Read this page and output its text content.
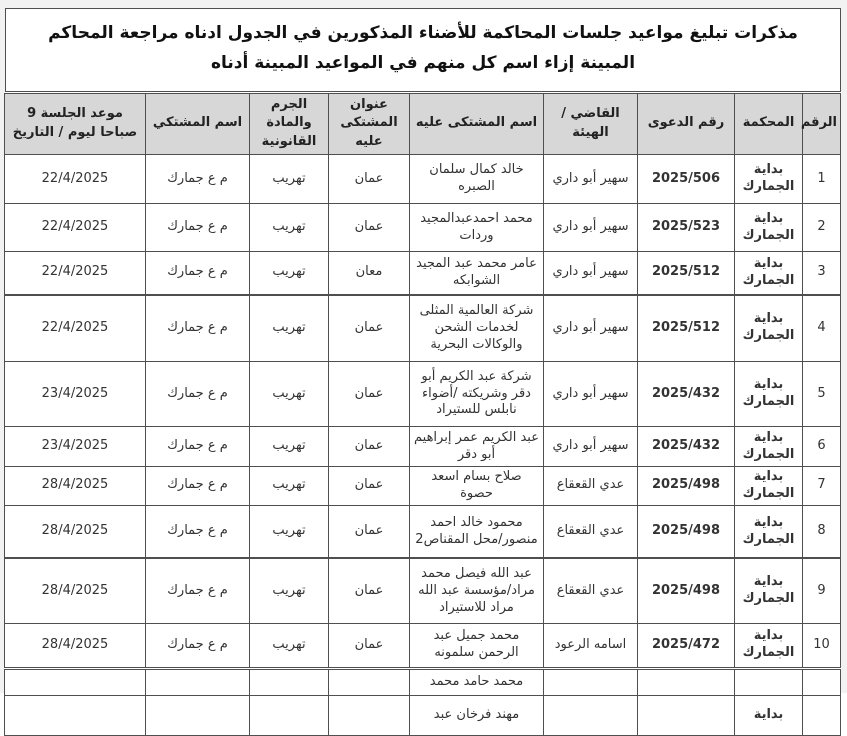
مذكرات تبليغ مواعيد جلسات المحاكمة للأضناء المذكورين في الجدول ادناه مراجعة المحاكم المبينة إزاء اسم كل منهم في المواعيد المبينة أدناه
الرقم	المحكمة	رقم الدعوى	القاضي / الهيئة	اسم المشتكى عليه	عنوان المشتكى عليه	الجرم والمادة القانونية	اسم المشتكي	موعد الجلسة 9 صباحا ليوم / التاريخ
1	بداية الجمارك	2025/506	سهير أبو داري	خالد كمال سلمان الصبره	عمان	تهريب	م ع جمارك	22/4/2025
2	بداية الجمارك	2025/523	سهير أبو داري	محمد احمدعبدالمجيد وردات	عمان	تهريب	م ع جمارك	22/4/2025
3	بداية الجمارك	2025/512	سهير أبو داري	عامر محمد عبد المجيد الشوابكه	معان	تهريب	م ع جمارك	22/4/2025
4	بداية الجمارك	2025/512	سهير أبو داري	شركة العالمية المثلى لخدمات الشحن والوكالات البحرية	عمان	تهريب	م ع جمارك	22/4/2025
5	بداية الجمارك	2025/432	سهير أبو داري	شركة عبد الكريم أبو دقر وشريكته /أضواء نابلس للستيراد	عمان	تهريب	م ع جمارك	23/4/2025
6	بداية الجمارك	2025/432	سهير أبو داري	عبد الكريم عمر إبراهيم أبو دقر	عمان	تهريب	م ع جمارك	23/4/2025
7	بداية الجمارك	2025/498	عدي القعقاع	صلاح بسام اسعد حصوة	عمان	تهريب	م ع جمارك	28/4/2025
8	بداية الجمارك	2025/498	عدي القعقاع	محمود خالد احمد منصور/محل المقناص2	عمان	تهريب	م ع جمارك	28/4/2025
9	بداية الجمارك	2025/498	عدي القعقاع	عبد الله فيصل محمد مراد/مؤسسة عبد الله مراد للاستيراد	عمان	تهريب	م ع جمارك	28/4/2025
10	بداية الجمارك	2025/472	اسامه الرعود	محمد جميل عبد الرحمن سلمونه	عمان	تهريب	م ع جمارك	28/4/2025
				محمد حامد محمد				
	بداية			مهند فرخان عبد				
